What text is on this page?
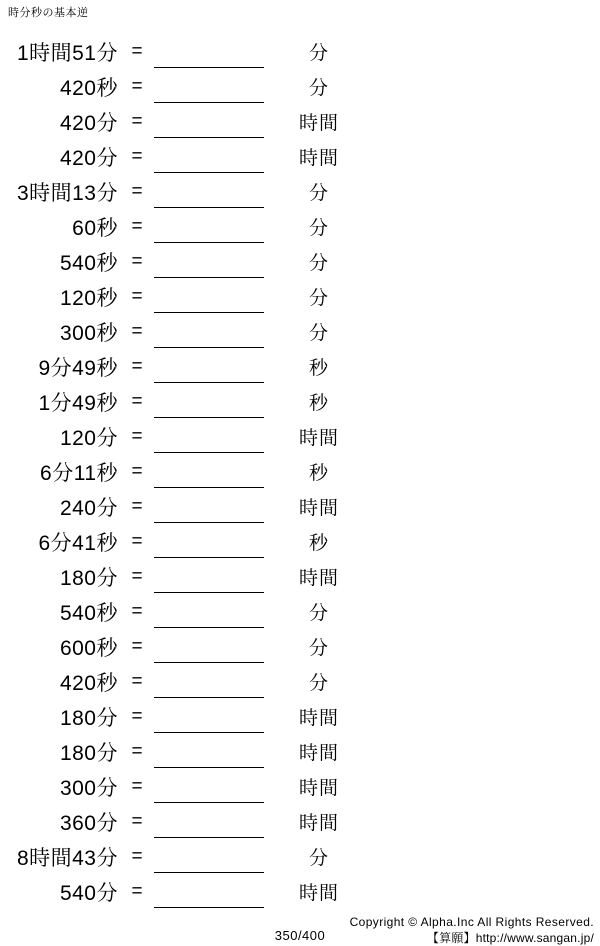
時分秒の基本逆
1時間51分 =	分
420秒 =	分
420分 =	時間
420分 =	時間
3時間13分 =	分
60秒 =	分
540秒 =	分
120秒 =	分
300秒 =	分
9分49秒 =	秒
1分49秒 =	秒
120分 =	時間
6分11秒 =	秒
240分 =	時間
6分41秒 =	秒
180分 =	時間
540秒 =	分
600秒 =	分
420秒 =	分
180分 =	時間
180分 =	時間
300分 =	時間
360分 =	時間
8時間43分 =	分
540分 =	時間
350/400
Copyright © Alpha.Inc All Rights Reserved.
【算願】http://www.sangan.jp/
